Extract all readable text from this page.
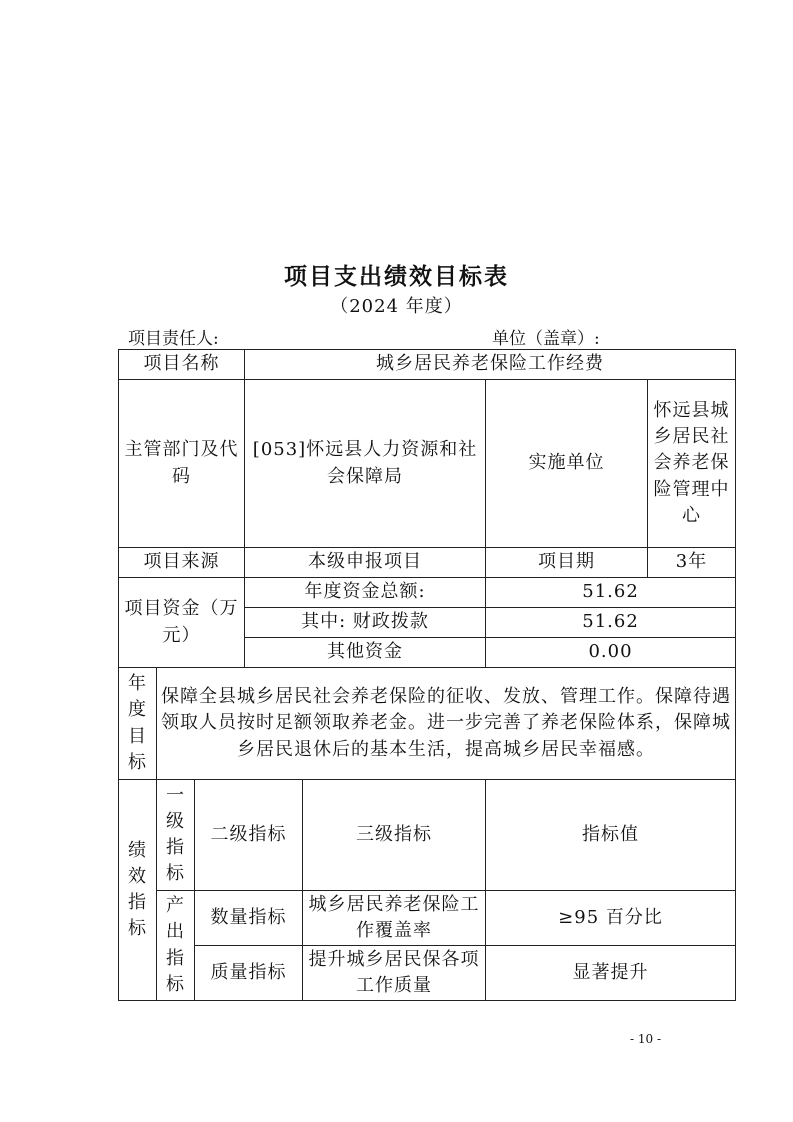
项目支出绩效目标表
（2024 年度）
项目责任人:	单位（盖章）:
项目名称			城乡居民养老保险工作经费			
主管部门及代码			[053]怀远县人力资源和社会保障局		实施单位	怀远县城乡居民社会养老保险管理中心
项目来源			本级申报项目		项目期	3年
项目资金（万元）			年度资金总额:		51.62	
			其中: 财政拨款		51.62	
			其他资金		0.00	
年度目标	保障全县城乡居民社会养老保险的征收、发放、管理工作。保障待遇领取人员按时足额领取养老金。进一步完善了养老保险体系，保障城乡居民退休后的基本生活，提高城乡居民幸福感。					
绩效指标	一级指标	二级指标		三级指标	指标值	
	产出指标	数量指标		城乡居民养老保险工作覆盖率	≥95 百分比	
		质量指标		提升城乡居民保各项工作质量	显著提升	
- 10 -
